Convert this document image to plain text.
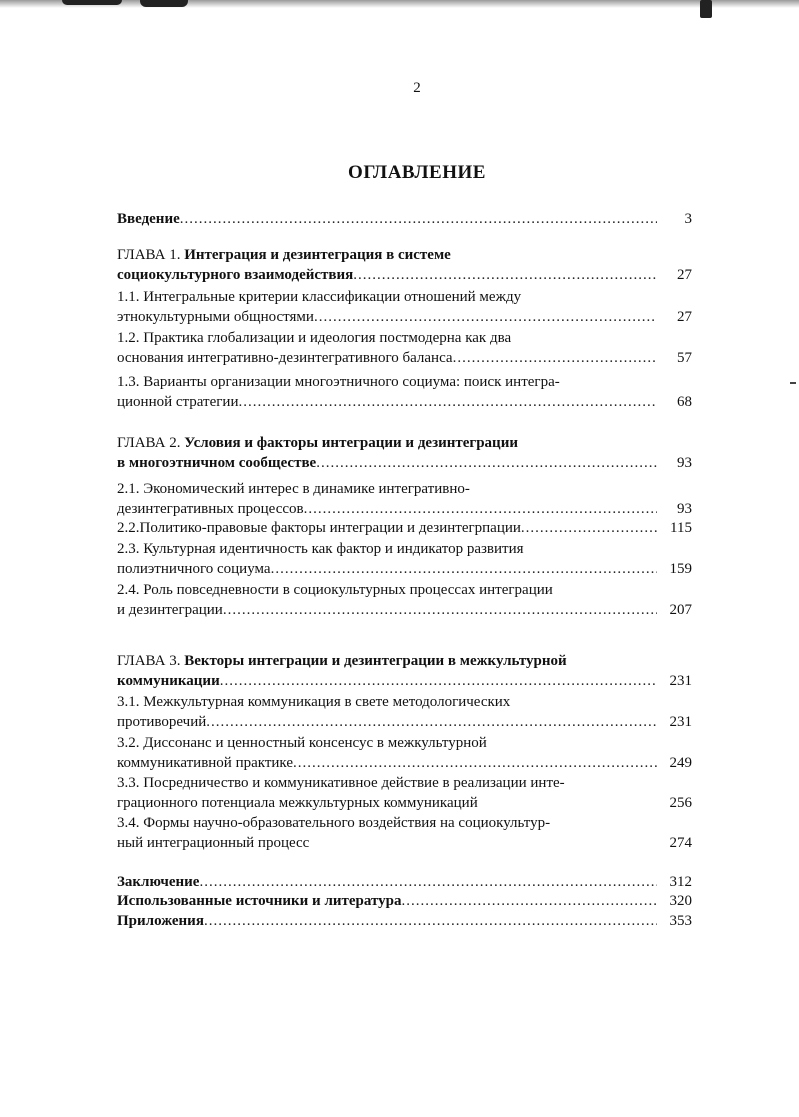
2
ОГЛАВЛЕНИЕ
Введение .....	3
ГЛАВА 1. Интеграция и дезинтеграция в системе
социокультурного взаимодействия .....	27
1.1. Интегральные критерии классификации отношений между
этнокультурными общностями .....	27
1.2. Практика глобализации и идеология постмодерна как два
основания интегративно-дезинтегративного баланса .....	57
1.3. Варианты организации многоэтничного социума: поиск интегра-
ционной стратегии .....	68
ГЛАВА 2. Условия и факторы интеграции и дезинтеграции
в многоэтничном сообществе .....	93
2.1. Экономический интерес в динамике интегративно-
дезинтегративных процессов .....	93
2.2.Политико-правовые факторы интеграции и дезинтегрпации .....	115
2.3. Культурная идентичность как фактор и индикатор развития
полиэтничного социума .....	159
2.4. Роль повседневности в социокультурных процессах интеграции
и дезинтеграции .....	207
ГЛАВА 3. Векторы интеграции и дезинтеграции в межкультурной
коммуникации .....	231
3.1. Межкультурная коммуникация в свете методологических
противоречий .....	231
3.2. Диссонанс и ценностный консенсус в межкультурной
коммуникативной практике .....	249
3.3. Посредничество и коммуникативное действие в реализации инте-
грационного потенциала межкультурных коммуникаций	256
3.4. Формы научно-образовательного воздействия на социокультур-
ный интеграционный процесс	274
Заключение .....	312
Использованные источники и литература .....	320
Приложения .....	353
